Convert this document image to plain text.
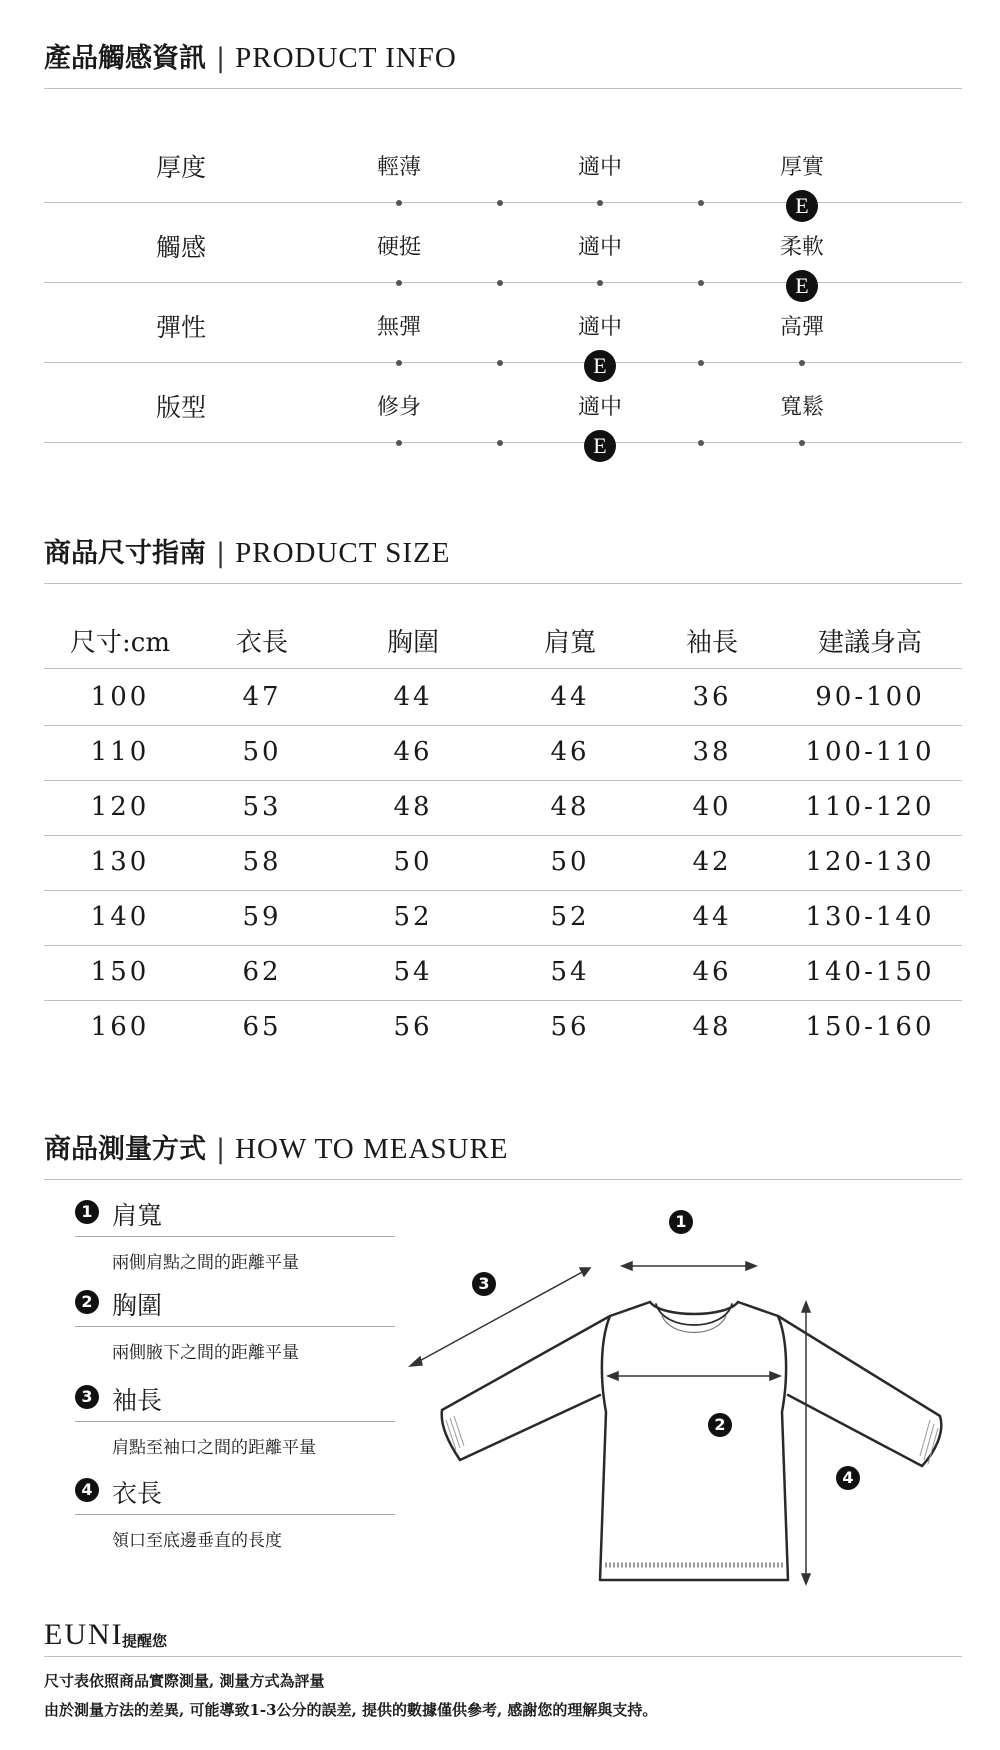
產品觸感資訊 | PRODUCT INFO
厚度	輕薄	適中	厚實
E
觸感	硬挺	適中	柔軟
E
彈性	無彈	適中	高彈
E
版型	修身	適中	寬鬆
E
商品尺寸指南 | PRODUCT SIZE
尺寸:cm	衣長	胸圍	肩寬	袖長	建議身高
100	47	44	44	36	90-100
110	50	46	46	38	100-110
120	53	48	48	40	110-120
130	58	50	50	42	120-130
140	59	52	52	44	130-140
150	62	54	54	46	140-150
160	65	56	56	48	150-160
商品測量方式 | HOW TO MEASURE
1 肩寬
兩側肩點之間的距離平量
2 胸圍
兩側腋下之間的距離平量
3 袖長
肩點至袖口之間的距離平量
4 衣長
領口至底邊垂直的長度
1
2
3
4
EUNI
提醒您
尺寸表依照商品實際測量, 測量方式為評量
由於測量方法的差異, 可能導致1-3公分的誤差, 提供的數據僅供參考, 感謝您的理解與支持。
